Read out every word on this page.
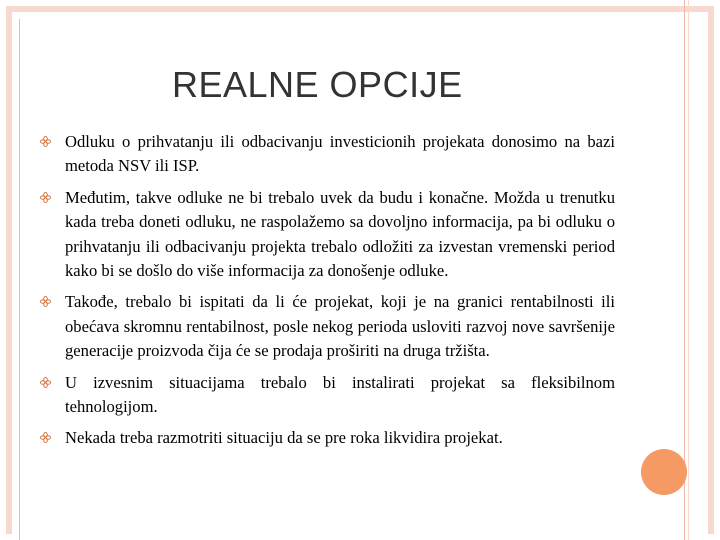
REALNE OPCIJE
Odluku o prihvatanju ili odbacivanju investicionih projekata donosimo na bazi metoda NSV ili ISP.
Međutim, takve odluke ne bi trebalo uvek da budu i konačne. Možda u trenutku kada treba doneti odluku, ne raspolažemo sa dovoljno informacija, pa bi odluku o prihvatanju ili odbacivanju projekta trebalo odložiti za izvestan vremenski period kako bi se došlo do više informacija za donošenje odluke.
Takođe, trebalo bi ispitati da li će projekat, koji je na granici rentabilnosti ili obećava skromnu rentabilnost, posle nekog perioda usloviti razvoj nove savršenije generacije proizvoda čija će se prodaja proširiti na druga tržišta.
U izvesnim situacijama trebalo bi instalirati projekat sa fleksibilnom tehnologijom.
Nekada treba razmotriti situaciju da se pre roka likvidira projekat.
